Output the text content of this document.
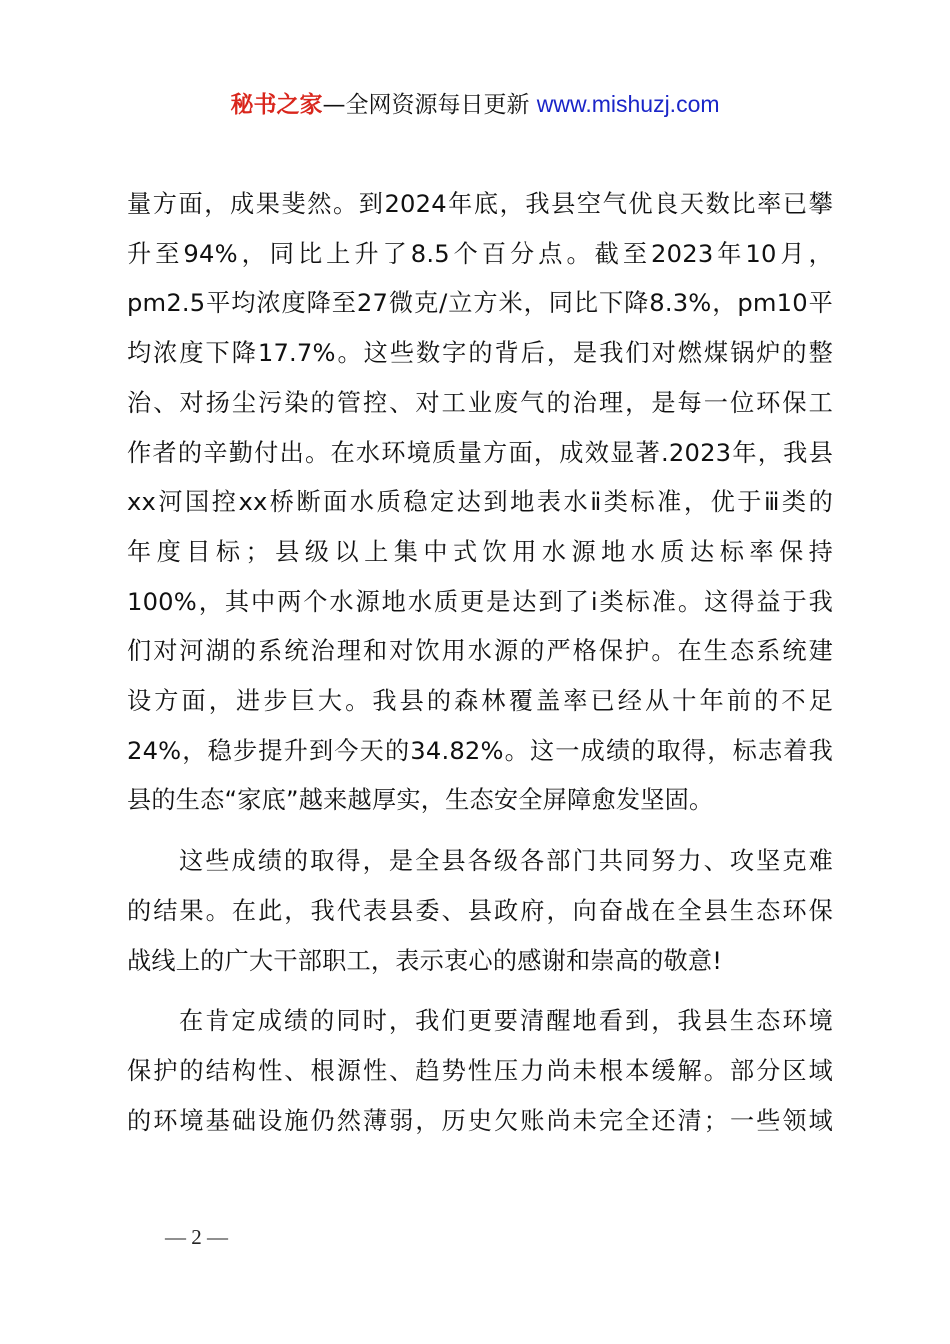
秘书之家—全网资源每日更新 www.mishuzj.com

量方面，成果斐然。到2024年底，我县空气优良天数比率已攀
升至94%，同比上升了8.5个百分点。截至2023年10月，
pm2.5平均浓度降至27微克/立方米，同比下降8.3%，pm10平
均浓度下降17.7%。这些数字的背后，是我们对燃煤锅炉的整
治、对扬尘污染的管控、对工业废气的治理，是每一位环保工
作者的辛勤付出。在水环境质量方面，成效显著.2023年，我县
xx河国控xx桥断面水质稳定达到地表水ⅱ类标准，优于ⅲ类的
年度目标；县级以上集中式饮用水源地水质达标率保持
100%，其中两个水源地水质更是达到了ⅰ类标准。这得益于我
们对河湖的系统治理和对饮用水源的严格保护。在生态系统建
设方面，进步巨大。我县的森林覆盖率已经从十年前的不足
24%，稳步提升到今天的34.82%。这一成绩的取得，标志着我
县的生态“家底”越来越厚实，生态安全屏障愈发坚固。

这些成绩的取得，是全县各级各部门共同努力、攻坚克难
的结果。在此，我代表县委、县政府，向奋战在全县生态环保
战线上的广大干部职工，表示衷心的感谢和崇高的敬意!

在肯定成绩的同时，我们更要清醒地看到，我县生态环境
保护的结构性、根源性、趋势性压力尚未根本缓解。部分区域
的环境基础设施仍然薄弱，历史欠账尚未完全还清；一些领域

— 2 —
